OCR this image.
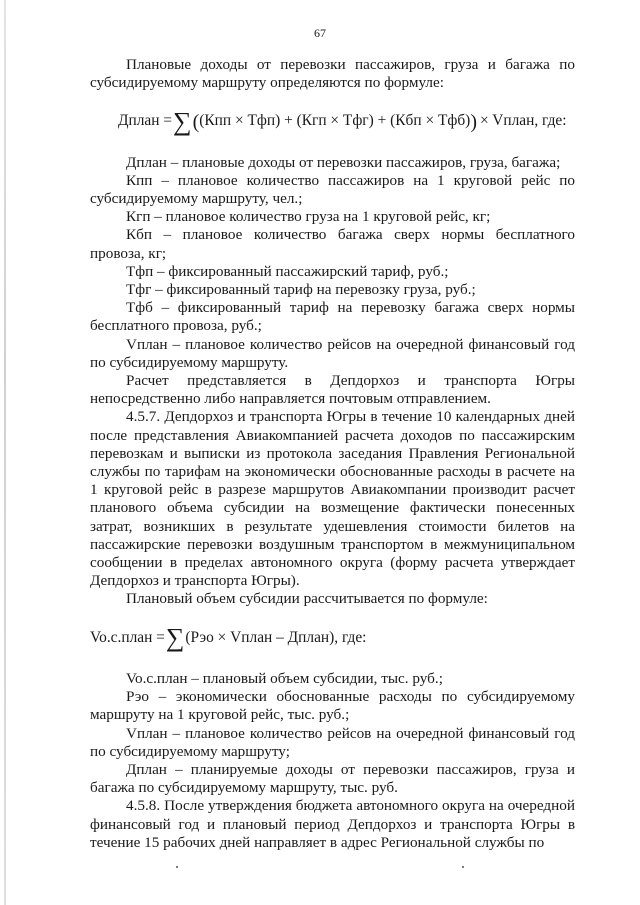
67

Плановые доходы от перевозки пассажиров, груза и багажа по субсидируемому маршруту определяются по формуле:

Дплан = ∑ ( (Кпп × Тфп) + (Кгп × Тфг) + (Кбп × Тфб) ) × Vплан, где:

Дплан – плановые доходы от перевозки пассажиров, груза, багажа;

Кпп – плановое количество пассажиров на 1 круговой рейс по субсидируемому маршруту, чел.;

Кгп – плановое количество груза на 1 круговой рейс, кг;

Кбп – плановое количество багажа сверх нормы бесплатного провоза, кг;

Тфп – фиксированный пассажирский тариф, руб.;

Тфг – фиксированный тариф на перевозку груза, руб.;

Тфб – фиксированный тариф на перевозку багажа сверх нормы бесплатного провоза, руб.;

Vплан – плановое количество рейсов на очередной финансовый год по субсидируемому маршруту.

Расчет представляется в Депдорхоз и транспорта Югры непосредственно либо направляется почтовым отправлением.

4.5.7. Депдорхоз и транспорта Югры в течение 10 календарных дней после представления Авиакомпанией расчета доходов по пассажирским перевозкам и выписки из протокола заседания Правления Региональной службы по тарифам на экономически обоснованные расходы в расчете на 1 круговой рейс в разрезе маршрутов Авиакомпании производит расчет планового объема субсидии на возмещение фактически понесенных затрат, возникших в результате удешевления стоимости билетов на пассажирские перевозки воздушным транспортом в межмуниципальном сообщении в пределах автономного округа (форму расчета утверждает Депдорхоз и транспорта Югры).

Плановый объем субсидии рассчитывается по формуле:

Vo.с.план = ∑ (Рэо × Vплан – Дплан) , где:

Vo.с.план – плановый объем субсидии, тыс. руб.;

Рэо – экономически обоснованные расходы по субсидируемому маршруту на 1 круговой рейс, тыс. руб.;

Vплан – плановое количество рейсов на очередной финансовый год по субсидируемому маршруту;

Дплан – планируемые доходы от перевозки пассажиров, груза и багажа по субсидируемому маршруту, тыс. руб.

4.5.8. После утверждения бюджета автономного округа на очередной финансовый год и плановый период Депдорхоз и транспорта Югры в течение 15 рабочих дней направляет в адрес Региональной службы по
